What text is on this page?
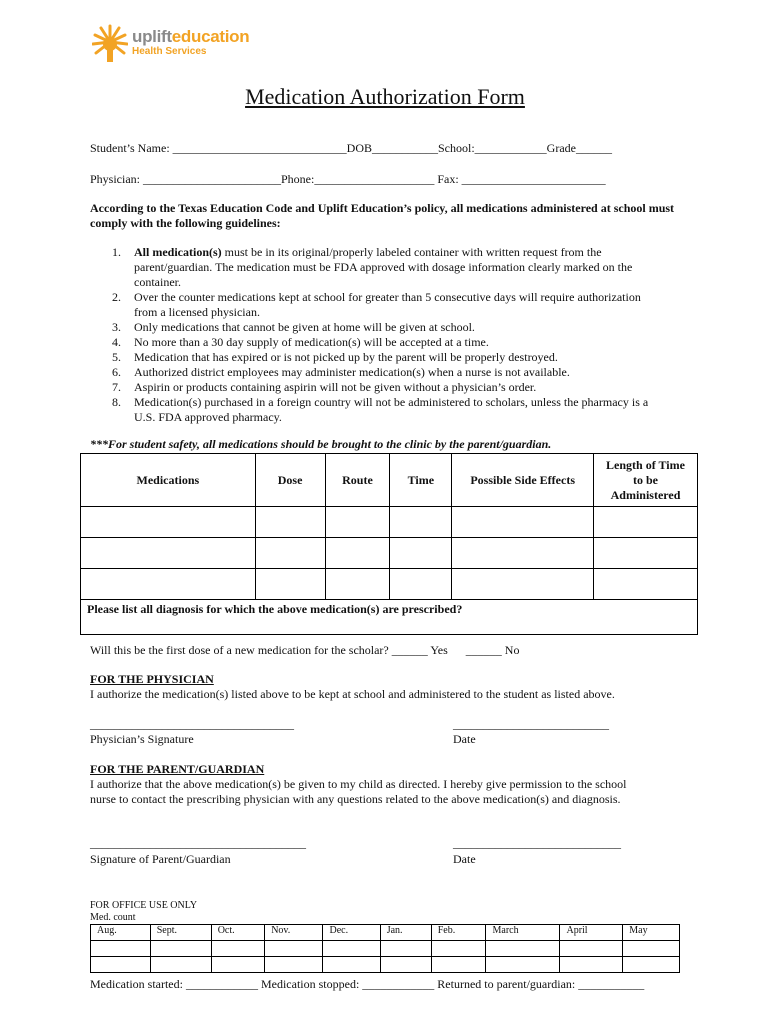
uplifteducation
Health Services
Medication Authorization Form
Student’s Name: _____________________________DOB___________School:____________Grade______
Physician: _______________________Phone:____________________ Fax: ________________________
According to the Texas Education Code and Uplift Education’s policy, all medications administered at school must comply with the following guidelines:
1. All medication(s) must be in its original/properly labeled container with written request from the parent/guardian. The medication must be FDA approved with dosage information clearly marked on the container.
2. Over the counter medications kept at school for greater than 5 consecutive days will require authorization from a licensed physician.
3. Only medications that cannot be given at home will be given at school.
4. No more than a 30 day supply of medication(s) will be accepted at a time.
5. Medication that has expired or is not picked up by the parent will be properly destroyed.
6. Authorized district employees may administer medication(s) when a nurse is not available.
7. Aspirin or products containing aspirin will not be given without a physician’s order.
8. Medication(s) purchased in a foreign country will not be administered to scholars, unless the pharmacy is a U.S. FDA approved pharmacy.
***For student safety, all medications should be brought to the clinic by the parent/guardian.
Medications	Dose	Route	Time	Possible Side Effects	Length of Time to be Administered

Please list all diagnosis for which the above medication(s) are prescribed?					
Will this be the first dose of a new medication for the scholar? ______ Yes      ______ No
FOR THE PHYSICIAN
I authorize the medication(s) listed above to be kept at school and administered to the student as listed above.
__________________________________
Physician’s Signature
__________________________
Date
FOR THE PARENT/GUARDIAN
I authorize that the above medication(s) be given to my child as directed. I hereby give permission to the school nurse to contact the prescribing physician with any questions related to the above medication(s) and diagnosis.
____________________________________
Signature of Parent/Guardian
____________________________
Date
FOR OFFICE USE ONLY
Med. count
Aug.	Sept.	Oct.	Nov.	Dec.	Jan.	Feb.	March	April	May

Medication started: ____________ Medication stopped: ____________ Returned to parent/guardian: ___________
